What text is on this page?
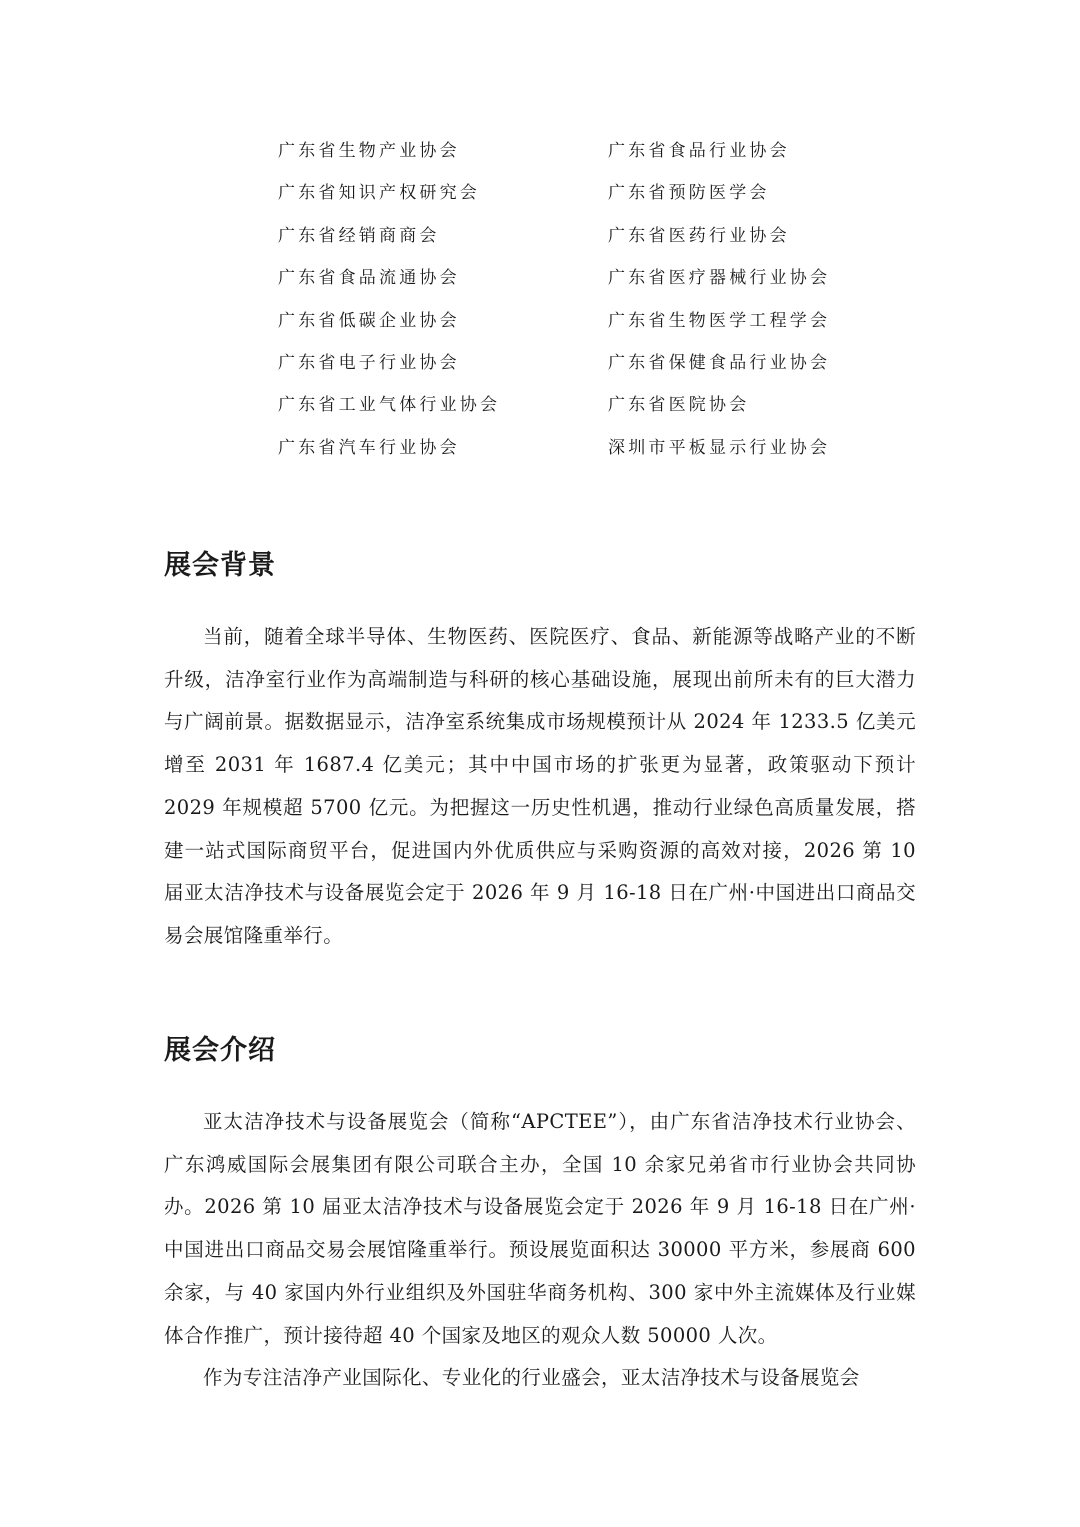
广东省生物产业协会	广东省食品行业协会
广东省知识产权研究会	广东省预防医学会
广东省经销商商会	广东省医药行业协会
广东省食品流通协会	广东省医疗器械行业协会
广东省低碳企业协会	广东省生物医学工程学会
广东省电子行业协会	广东省保健食品行业协会
广东省工业气体行业协会	广东省医院协会
广东省汽车行业协会	深圳市平板显示行业协会
展会背景

当前，随着全球半导体、生物医药、医院医疗、食品、新能源等战略产业的不断升级，洁净室行业作为高端制造与科研的核心基础设施，展现出前所未有的巨大潜力与广阔前景。据数据显示，洁净室系统集成市场规模预计从 2024 年 1233.5 亿美元增至 2031 年 1687.4 亿美元；其中中国市场的扩张更为显著，政策驱动下预计 2029 年规模超 5700 亿元。为把握这一历史性机遇，推动行业绿色高质量发展，搭建一站式国际商贸平台，促进国内外优质供应与采购资源的高效对接，2026 第 10 届亚太洁净技术与设备展览会定于 2026 年 9 月 16-18 日在广州·中国进出口商品交易会展馆隆重举行。

展会介绍

亚太洁净技术与设备展览会（简称“APCTEE”），由广东省洁净技术行业协会、广东鸿威国际会展集团有限公司联合主办，全国 10 余家兄弟省市行业协会共同协办。2026 第 10 届亚太洁净技术与设备展览会定于 2026 年 9 月 16-18 日在广州·中国进出口商品交易会展馆隆重举行。预设展览面积达 30000 平方米，参展商 600 余家，与 40 家国内外行业组织及外国驻华商务机构、300 家中外主流媒体及行业媒体合作推广，预计接待超 40 个国家及地区的观众人数 50000 人次。

作为专注洁净产业国际化、专业化的行业盛会，亚太洁净技术与设备展览会
